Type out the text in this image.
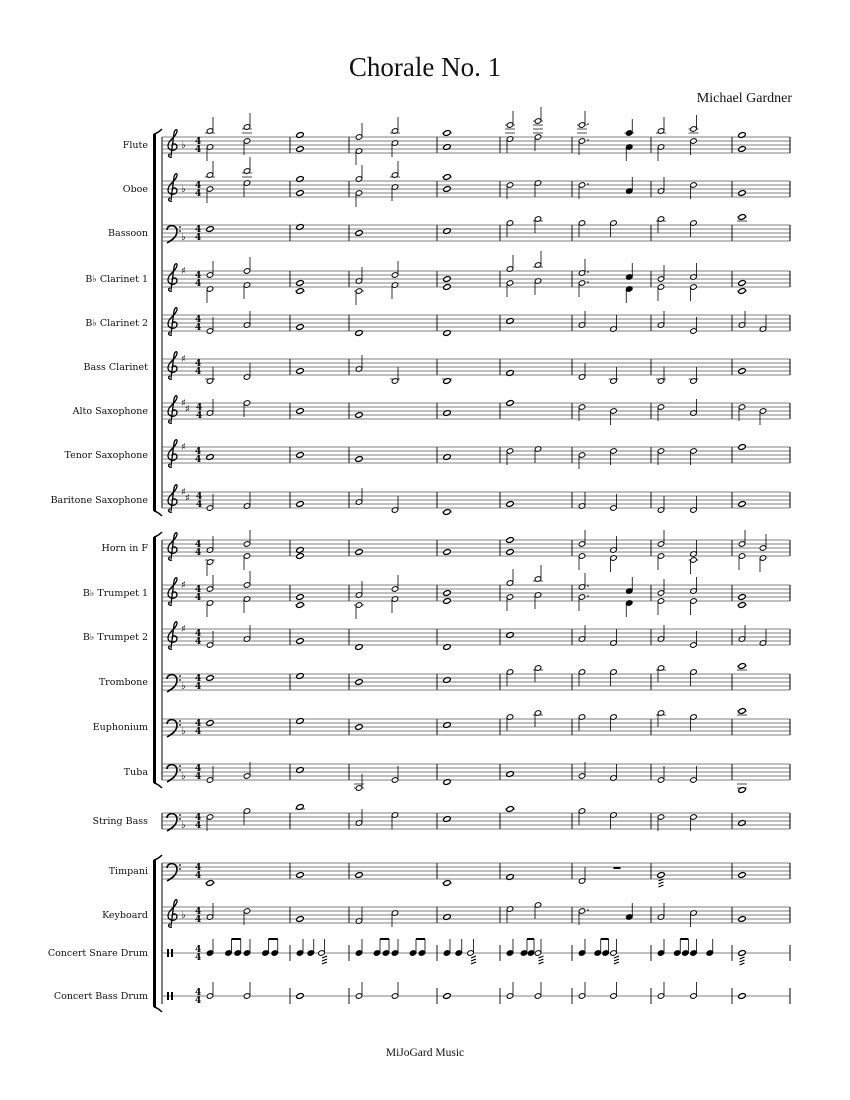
Chorale No. 1
Michael Gardner
Flute	♭ 4
4
Oboe	♭ 4
4
Bassoon	♭
4
4
B♭ Clarinet 1
♯ 4
4
B♭ Clarinet 2	4
4
Bass Clarinet
♯ 4
4
Alto Saxophone
♯
♯ 4
4
Tenor Saxophone
♯ 4
4
Baritone Saxophone
♯
♯ 4
4
Horn in F	4
4
B♭ Trumpet 1
♯ 4
4
B♭ Trumpet 2
♯ 4
4
Trombone	♭
4
4
Euphonium	♭
4
4
Tuba	♭
4
4
String Bass	♭
4
4
Timpani	4
4
Keyboard	♭ 4
4
Concert Snare Drum	4
4
Concert Bass Drum	4
4
MiJoGard Music
